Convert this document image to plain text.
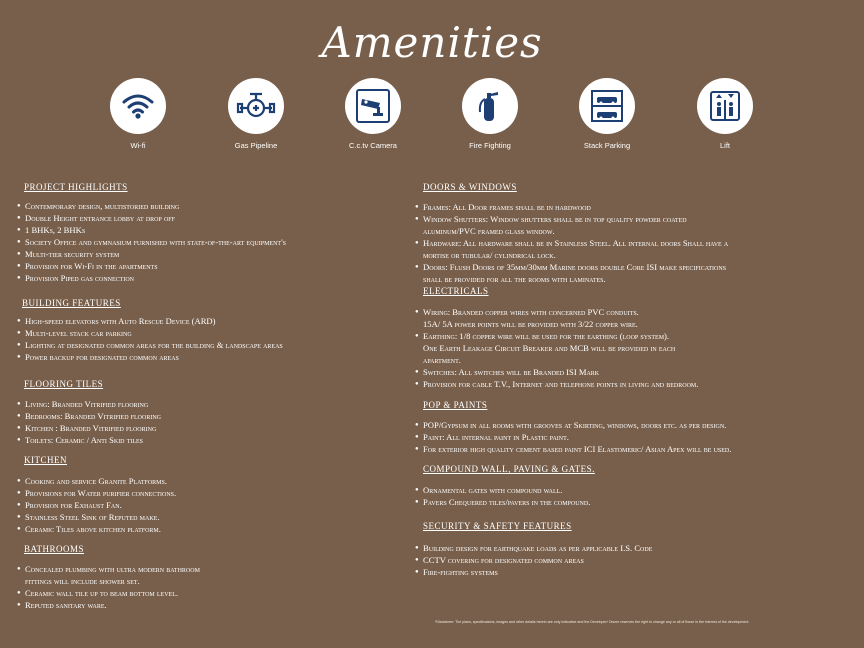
Amenities
Wi-fi	Gas Pipeline	C.c.tv Camera	Fire Fighting	Stack Parking	Lift
PROJECT HIGHLIGHTS
● Contemporary design, multistoried building
● Double Height entrance lobby at drop off
● 1 BHKs, 2 BHKs
● Society Office and gymnasium furnished with state-of-the-art equipment's
● Multi-tier security system
● Provision for Wi-Fi in the apartments
● Provision Piped gas connection
BUILDING FEATURES
● High-speed elevators with Auto Rescue Device (ARD)
● Multi-level stack car parking
● Lighting at designated common areas for the building & landscape areas
● Power backup for designated common areas
FLOORING TILES
● Living: Branded Vitrified flooring
● Bedrooms: Branded Vitrified flooring
● Kitchen : Branded Vitrified flooring
● Toilets: Ceramic / Anti Skid tiles
KITCHEN
● Cooking and service Granite Platforms.
● Provisions for Water purifier connections.
● Provision for Exhaust Fan.
● Stainless Steel Sink of Reputed make.
● Ceramic Tiles above kitchen platform.
BATHROOMS
● Concealed plumbing with ultra modern bathroom
fittings will include shower set.
● Ceramic wall tile up to beam bottom level.
● Reputed sanitary ware.
DOORS & WINDOWS
● Frames: All Door frames shall be in hardwood
● Window Shutters: Window shutters shall be in top quality powder coated
aluminum/PVC framed glass window.
● Hardware: All hardware shall be in Stainless Steel. All internal doors Shall have a
mortise or tubular/ cylindrical lock.
● Doors: Flush Doors of 35mm/30mm Marine doors double Core ISI make specifications
shall be provided for all the rooms with laminates.
ELECTRICALS
● Wiring: Branded copper wires with concerned PVC conduits.
15A/ 5A power points will be provided with 3/22 copper wire.
● Earthing: 1/8 copper wire will be used for the earthing (loop system).
One Earth Leakage Circuit Breaker and MCB will be provided in each
apartment.
● Switches: All switches will be Branded ISI Mark
● Provision for cable T.V., Internet and telephone points in living and bedroom.
POP & PAINTS
● POP/Gypsum in all rooms with grooves at Skirting, windows, doors etc. as per design.
● Paint: All internal paint in Plastic paint.
● For exterior high quality cement based paint ICI Elastomeric/ Asian Apex will be used.
COMPOUND WALL, PAVING & GATES.
● Ornamental gates with compound wall.
● Pavers Chequered tiles/pavers in the compound.
SECURITY & SAFETY FEATURES
● Building design for earthquake loads as per applicable I.S. Code
● CCTV covering for designated common areas
● Fire-fighting systems
*Disclaimer: The plans, specifications, images and other details herein are only indicative and the Developer/ Owner reserves the right to change any or all of these in the interest of the development.
